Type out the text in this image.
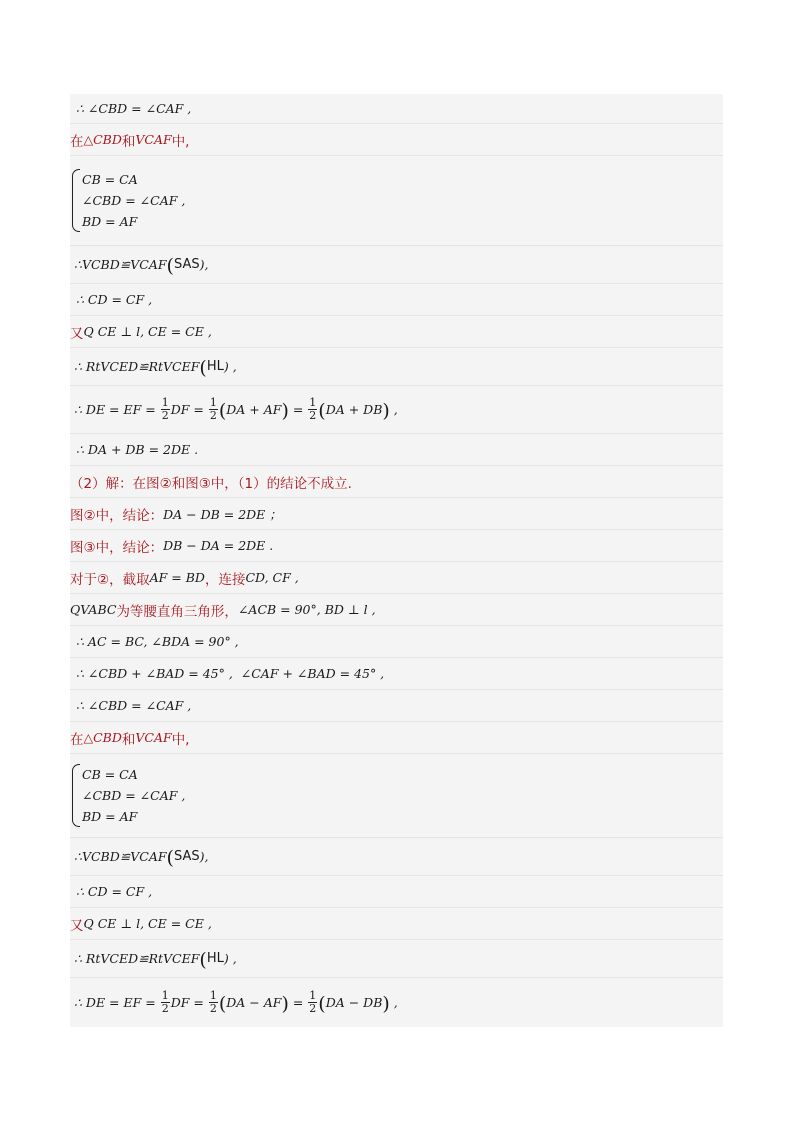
∴ ∠CBD = ∠CAF ,
在 △CBD 和 VCAF 中,
CB = CA
∠CBD = ∠CAF ,
BD = AF
∴VCBD≌VCAF ( SAS ),
∴ CD = CF ,
又 Q CE ⊥ l, CE = CE ,
∴ RtVCED≌RtVCEF ( HL ) ,
∴ DE = EF = $\frac{1}{2}$ DF = $\frac{1}{2}$ ( DA + AF ) = $\frac{1}{2}$ ( DA + DB ) ,
∴ DA + DB = 2DE .
（2）解：在图②和图③中，（1）的结论不成立.
图②中，结论： DA − DB = 2DE ；
图③中，结论： DB − DA = 2DE .
对于②，截取 AF = BD ，连接 CD, CF ,
QVABC 为等腰直角三角形， ∠ACB = 90°, BD ⊥ l ,
∴ AC = BC, ∠BDA = 90° ,
∴ ∠CBD + ∠BAD = 45° ,  ∠CAF + ∠BAD = 45° ,
∴ ∠CBD = ∠CAF ,
在 △CBD 和 VCAF 中,
CB = CA
∠CBD = ∠CAF ,
BD = AF
∴VCBD≌VCAF ( SAS ),
∴ CD = CF ,
又 Q CE ⊥ l, CE = CE ,
∴ RtVCED≌RtVCEF ( HL ) ,
∴ DE = EF = $\frac{1}{2}$ DF = $\frac{1}{2}$ ( DA − AF ) = $\frac{1}{2}$ ( DA − DB ) ,
